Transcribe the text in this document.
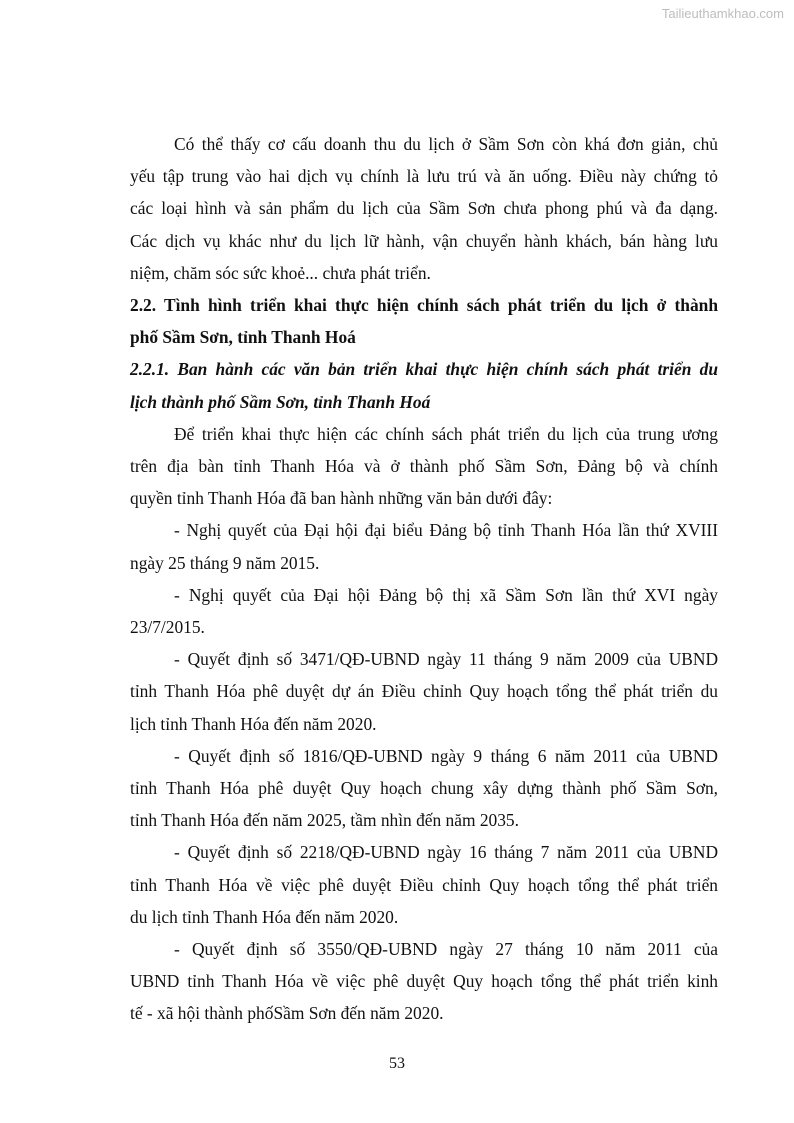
Tailieuthamkhao.com

Có thể thấy cơ cấu doanh thu du lịch ở Sầm Sơn còn khá đơn giản, chủ
yếu tập trung vào hai dịch vụ chính là lưu trú và ăn uống. Điều này chứng tỏ
các loại hình và sản phẩm du lịch của Sầm Sơn chưa phong phú và đa dạng.
Các dịch vụ khác như du lịch lữ hành, vận chuyển hành khách, bán hàng lưu
niệm, chăm sóc sức khoẻ... chưa phát triển.

2.2. Tình hình triển khai thực hiện chính sách phát triển du lịch ở thành
phố Sầm Sơn, tỉnh Thanh Hoá

2.2.1. Ban hành các văn bản triển khai thực hiện chính sách phát triển du
lịch thành phố Sầm Sơn, tỉnh Thanh Hoá

Để triển khai thực hiện các chính sách phát triển du lịch của trung ương
trên địa bàn tỉnh Thanh Hóa và ở thành phố Sầm Sơn, Đảng bộ và chính
quyền tỉnh Thanh Hóa đã ban hành những văn bản dưới đây:

- Nghị quyết của Đại hội đại biểu Đảng bộ tỉnh Thanh Hóa lần thứ XVIII
ngày 25 tháng 9 năm 2015.

- Nghị quyết của Đại hội Đảng bộ thị xã Sầm Sơn lần thứ XVI ngày
23/7/2015.

- Quyết định số 3471/QĐ-UBND ngày 11 tháng 9 năm 2009 của UBND
tỉnh Thanh Hóa phê duyệt dự án Điều chỉnh Quy hoạch tổng thể phát triển du
lịch tỉnh Thanh Hóa đến năm 2020.

- Quyết định số 1816/QĐ-UBND ngày 9 tháng 6 năm 2011 của UBND
tỉnh Thanh Hóa phê duyệt Quy hoạch chung xây dựng thành phố Sầm Sơn,
tỉnh Thanh Hóa đến năm 2025, tầm nhìn đến năm 2035.

- Quyết định số 2218/QĐ-UBND ngày 16 tháng 7 năm 2011 của UBND
tỉnh Thanh Hóa về việc phê duyệt Điều chỉnh Quy hoạch tổng thể phát triển
du lịch tỉnh Thanh Hóa đến năm 2020.

- Quyết định số 3550/QĐ-UBND ngày 27 tháng 10 năm 2011 của
UBND tỉnh Thanh Hóa về việc phê duyệt Quy hoạch tổng thể phát triển kinh
tế - xã hội thành phốSầm Sơn đến năm 2020.

53
